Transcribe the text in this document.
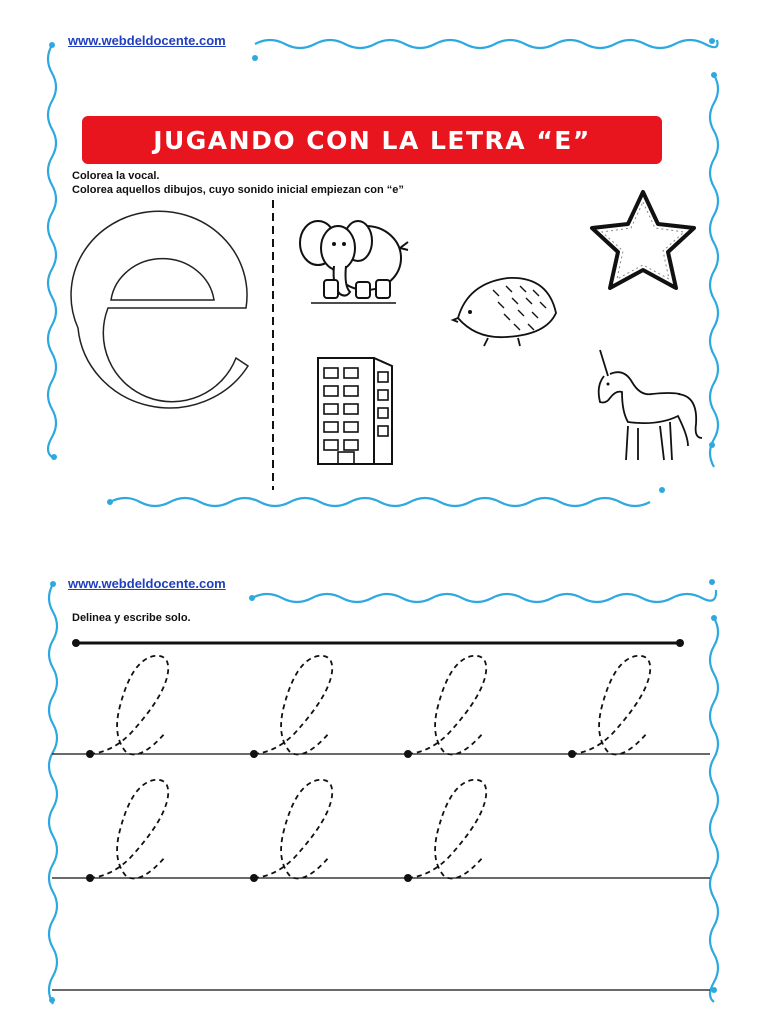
www.webdeldocente.com
JUGANDO CON LA LETRA “E”
Colorea la vocal.
Colorea aquellos dibujos, cuyo sonido inicial empiezan con “e”
www.webdeldocente.com
Delinea y escribe solo.
